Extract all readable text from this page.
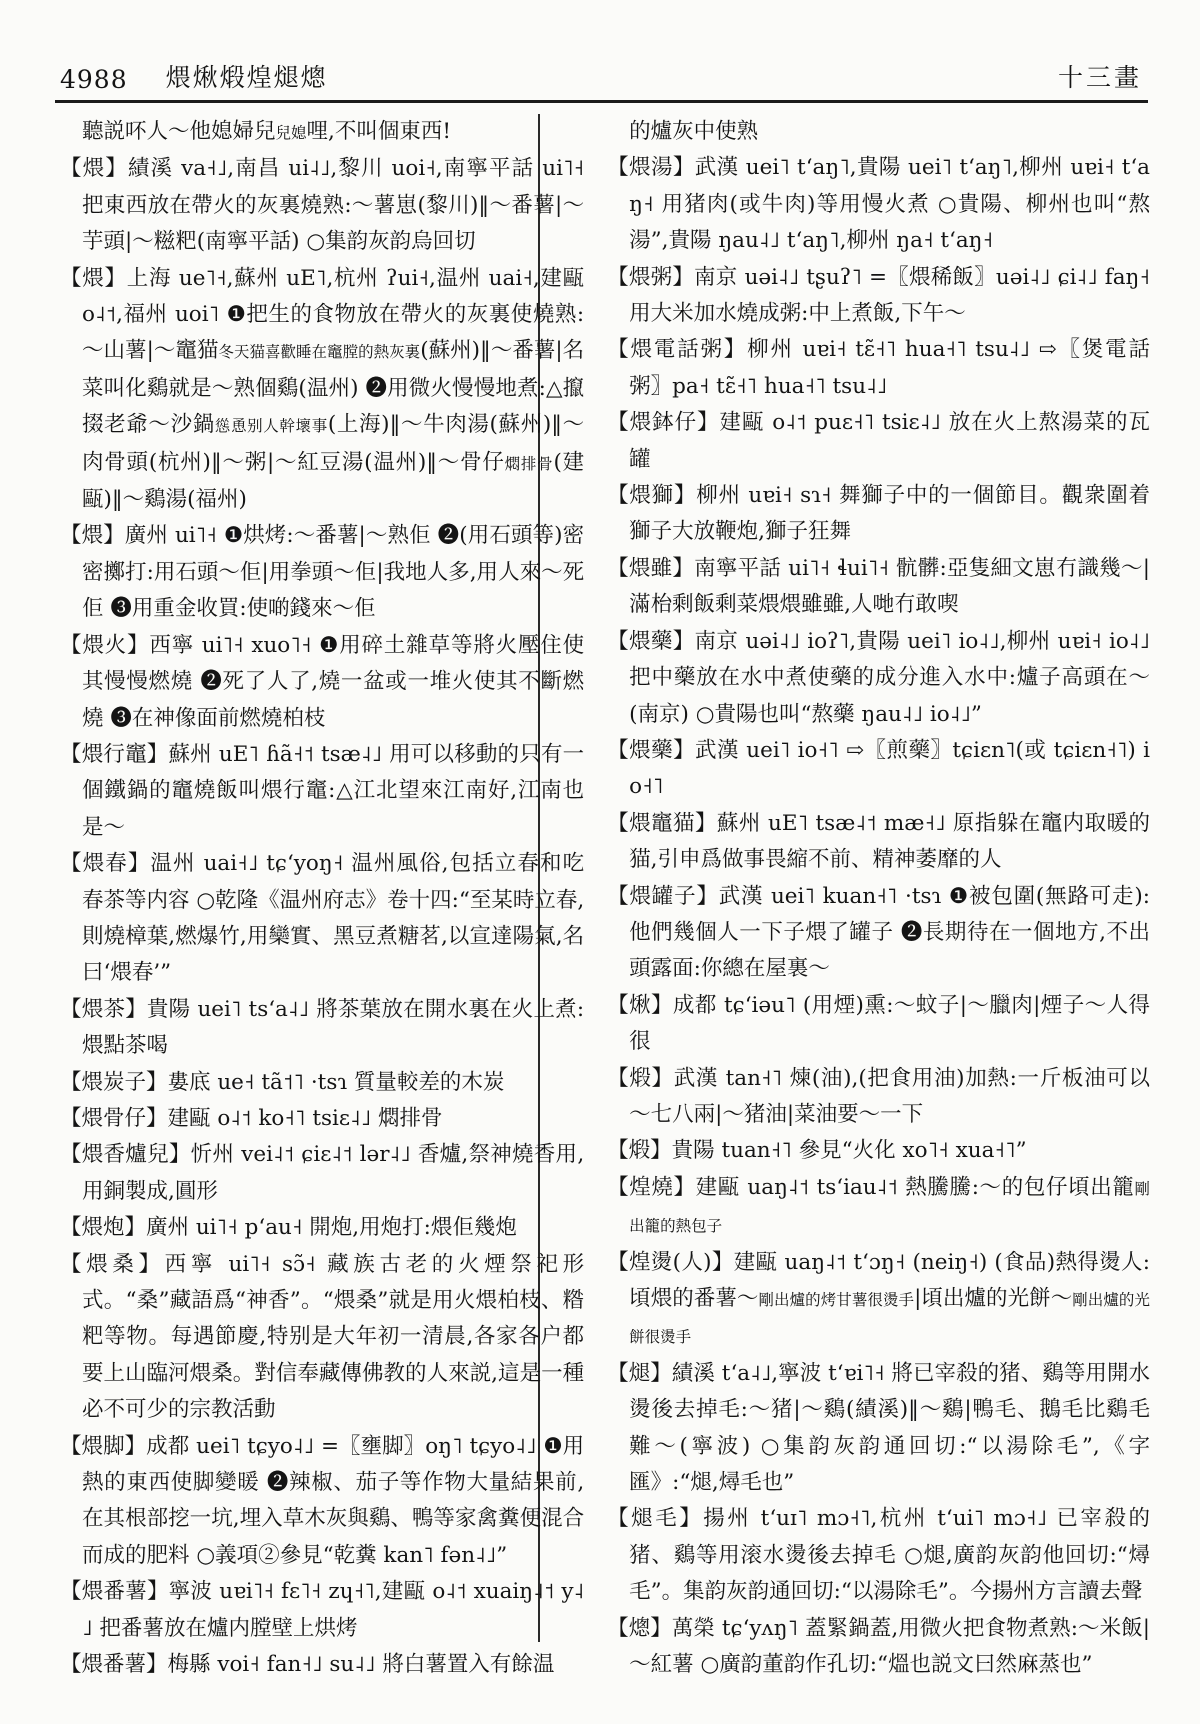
4988 煨煍煅煌煺熜	十三畫

聽説吥人～他媳婦兒兒媳哩,不叫個東西!

【煨】績溪 va˧˩,南昌 ui˨˩,黎川 uoi˧,南寧平話 ui˥˧ 把東西放在帶火的灰裏燒熟:～薯崽(黎川)‖～番薯|～芋頭|～糍粑(南寧平話) ○集韵灰韵烏回切

【煨】上海 ue˥˧,蘇州 uE˥,杭州 ʔui˧,温州 uai˧,建甌 o˨˦,福州 uoi˥ ❶把生的食物放在帶火的灰裏使燒熟:～山薯|～竈猫冬天猫喜歡睡在竈膛的熱灰裏(蘇州)‖～番薯|名菜叫化鷄就是～熟個鷄(温州) ❷用微火慢慢地煮:△攛掇老爺～沙鍋慫恿别人幹壞事(上海)‖～牛肉湯(蘇州)‖～肉骨頭(杭州)‖～粥|～紅豆湯(温州)‖～骨仔燜排骨(建甌)‖～鷄湯(福州)

【煨】廣州 ui˥˧ ❶烘烤:～番薯|～熟佢 ❷(用石頭等)密密擲打:用石頭～佢|用拳頭～佢|我地人多,用人來～死佢 ❸用重金收買:使啲錢來～佢

【煨火】西寧 ui˥˧ xuo˥˧ ❶用碎土雜草等將火壓住使其慢慢燃燒 ❷死了人了,燒一盆或一堆火使其不斷燃燒 ❸在神像面前燃燒柏枝

【煨行竈】蘇州 uE˥ ɦã˧˦ tsæ˨˩ 用可以移動的只有一個鐵鍋的竈燒飯叫煨行竈:△江北望來江南好,江南也是～

【煨春】温州 uai˧˩ tɕʻyoŋ˧ 温州風俗,包括立春和吃春茶等内容 ○乾隆《温州府志》卷十四:“至某時立春,則燒樟葉,燃爆竹,用欒實、黑豆煮糖茗,以宣達陽氣,名曰‘煨春’”

【煨茶】貴陽 uei˥ tsʻa˨˩ 將茶葉放在開水裏在火上煮:煨點茶喝

【煨炭子】婁底 ue˧ tã˦˥ ·tsɿ 質量較差的木炭

【煨骨仔】建甌 o˨˦ ko˧˥ tsiɛ˨˩ 燜排骨

【煨香爐兒】忻州 vei˨˦ ɕiɛ˨˦ lər˨˩ 香爐,祭神燒香用,用銅製成,圓形

【煨炮】廣州 ui˥˧ pʻau˧ 開炮,用炮打:煨佢幾炮

【煨桑】西寧 ui˥˧ sɔ̃˧ 藏族古老的火煙祭祀形式。“桑”藏語爲“神香”。“煨桑”就是用火煨柏枝、糌粑等物。每遇節慶,特别是大年初一清晨,各家各户都要上山臨河煨桑。對信奉藏傳佛教的人來説,這是一種必不可少的宗教活動

【煨脚】成都 uei˥ tɕyo˨˩ =〖壅脚〗oŋ˥ tɕyo˨˩ ❶用熱的東西使脚變暖 ❷辣椒、茄子等作物大量結果前,在其根部挖一坑,埋入草木灰與鷄、鴨等家禽糞便混合而成的肥料 ○義項②參見“乾糞 kan˥ fən˨˩”

【煨番薯】寧波 uɐi˥˧ fɛ˥˧ zɥ˧˥,建甌 o˨˦ xuaiŋ˨˦ y˨˩ 把番薯放在爐内膛壁上烘烤

【煨番薯】梅縣 voi˧ fan˧˩ su˨˩ 將白薯置入有餘温

的爐灰中使熟

【煨湯】武漢 uei˥ tʻaŋ˥,貴陽 uei˥ tʻaŋ˥,柳州 uɐi˧ tʻaŋ˧ 用猪肉(或牛肉)等用慢火煮 ○貴陽、柳州也叫“熬湯”,貴陽 ŋau˨˩ tʻaŋ˥,柳州 ŋa˧ tʻaŋ˧

【煨粥】南京 uəi˨˩ tʂuʔ˥ =〖煨稀飯〗uəi˨˩ ɕi˨˩ faŋ˧ 用大米加水燒成粥:中上煮飯,下午～

【煨電話粥】柳州 uɐi˧ tɛ̃˧˥ hua˧˥ tsu˨˩ ⇨〖煲電話粥〗pa˧ tɛ̃˧˥ hua˧˥ tsu˨˩

【煨鉢仔】建甌 o˨˦ puɛ˧˥ tsiɛ˨˩ 放在火上熬湯菜的瓦罐

【煨獅】柳州 uɐi˧ sɿ˧ 舞獅子中的一個節目。觀衆圍着獅子大放鞭炮,獅子狂舞

【煨雖】南寧平話 ui˥˧ ɬui˥˧ 骯髒:亞隻細文崽冇識幾～|滿枱剩飯剩菜煨煨雖雖,人哋冇敢喫

【煨藥】南京 uəi˨˩ ioʔ˥,貴陽 uei˥ io˨˩,柳州 uɐi˧ io˨˩ 把中藥放在水中煮使藥的成分進入水中:爐子高頭在～(南京) ○貴陽也叫“熬藥 ŋau˨˩ io˨˩”

【煨藥】武漢 uei˥ io˧˥ ⇨〖煎藥〗tɕiɛn˥(或 tɕiɛn˧˥) io˧˥

【煨竈猫】蘇州 uE˥ tsæ˨˦ mæ˧˩ 原指躲在竈内取暖的猫,引申爲做事畏縮不前、精神萎靡的人

【煨罐子】武漢 uei˥ kuan˧˥ ·tsɿ ❶被包圍(無路可走):他們幾個人一下子煨了罐子 ❷長期待在一個地方,不出頭露面:你總在屋裏～

【煍】成都 tɕʻiəu˥ (用煙)熏:～蚊子|～臘肉|煙子～人得很

【煅】武漢 tan˧˥ 煉(油),(把食用油)加熱:一斤板油可以～七八兩|～猪油|菜油要～一下

【煅】貴陽 tuan˧˥ 參見“火化 xo˥˧ xua˧˥”

【煌燒】建甌 uaŋ˨˦ tsʻiau˨˦ 熱騰騰:～的包仔頃出籠剛出籠的熱包子

【煌燙(人)】建甌 uaŋ˨˦ tʻɔŋ˧ (neiŋ˧) (食品)熱得燙人:頃煨的番薯～剛出爐的烤甘薯很燙手|頃出爐的光餅～剛出爐的光餅很燙手

【煺】績溪 tʻa˨˩,寧波 tʻɐi˥˧ 將已宰殺的猪、鷄等用開水燙後去掉毛:～猪|～鷄(績溪)‖～鷄|鴨毛、鵝毛比鷄毛難～(寧波) ○集韵灰韵通回切:“以湯除毛”,《字匯》:“煺,燖毛也”

【煺毛】揚州 tʻuɪ˥ mɔ˧˥,杭州 tʻui˥ mɔ˧˩ 已宰殺的猪、鷄等用滚水燙後去掉毛 ○煺,廣韵灰韵他回切:“燖毛”。集韵灰韵通回切:“以湯除毛”。今揚州方言讀去聲

【熜】萬榮 tɕʻyʌŋ˥ 蓋緊鍋蓋,用微火把食物煮熟:～米飯|～紅薯 ○廣韵董韵作孔切:“熅也説文曰然麻蒸也”
